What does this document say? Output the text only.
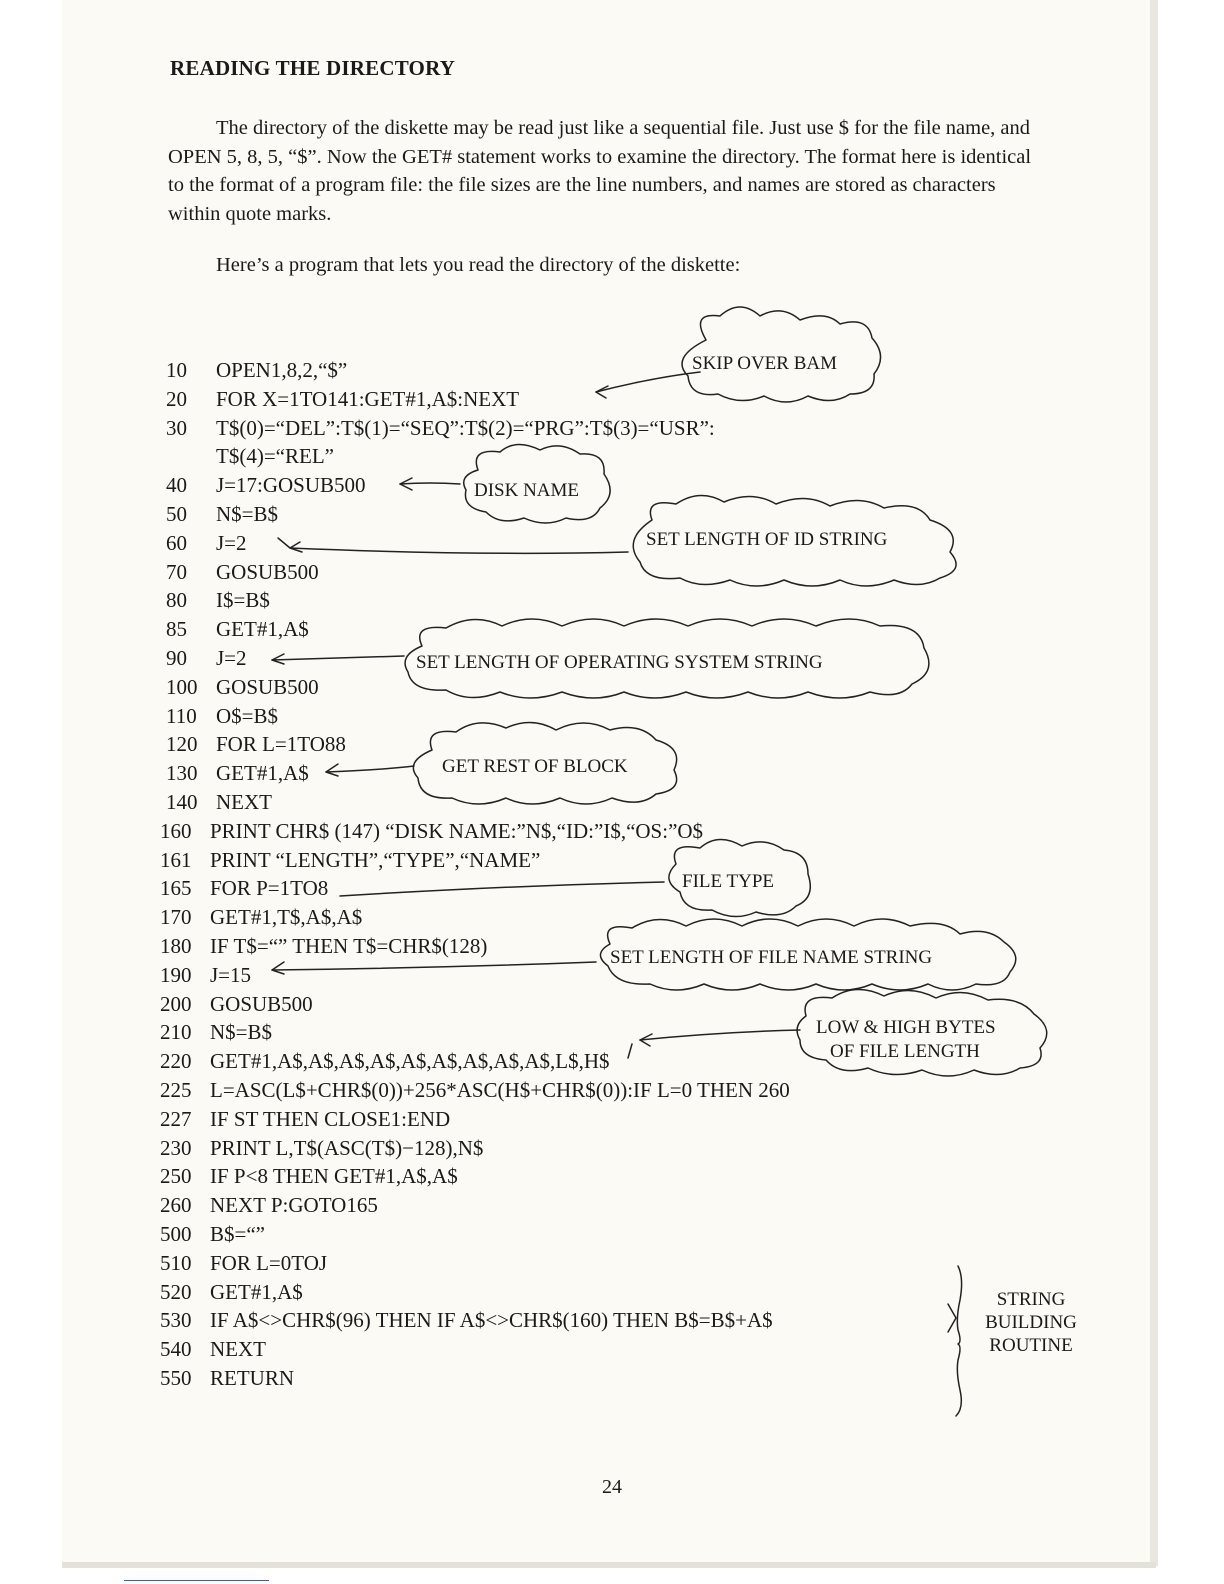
READING THE DIRECTORY

The directory of the diskette may be read just like a sequential file. Just use $ for the file name, and OPEN 5, 8, 5, “$”. Now the GET# statement works to examine the directory. The format here is identical to the format of a program file: the file sizes are the line numbers, and names are stored as characters within quote marks.

Here’s a program that lets you read the directory of the diskette:
10 OPEN1,8,2,“$”
20 FOR X=1TO141:GET#1,A$:NEXT
30 T$(0)=“DEL”:T$(1)=“SEQ”:T$(2)=“PRG”:T$(3)=“USR”:
T$(4)=“REL”
40 J=17:GOSUB500
50 N$=B$
60 J=2
70 GOSUB500
80 I$=B$
85 GET#1,A$
90 J=2
100 GOSUB500
110 O$=B$
120 FOR L=1TO88
130 GET#1,A$
140 NEXT
160 PRINT CHR$ (147) “DISK NAME:”N$,“ID:”I$,“OS:”O$
161 PRINT “LENGTH”,“TYPE”,“NAME”
165 FOR P=1TO8
170 GET#1,T$,A$,A$
180 IF T$=“” THEN T$=CHR$(128)
190 J=15
200 GOSUB500
210 N$=B$
220 GET#1,A$,A$,A$,A$,A$,A$,A$,A$,A$,L$,H$
225 L=ASC(L$+CHR$(0))+256*ASC(H$+CHR$(0)):IF L=0 THEN 260
227 IF ST THEN CLOSE1:END
230 PRINT L,T$(ASC(T$)−128),N$
250 IF P<8 THEN GET#1,A$,A$
260 NEXT P:GOTO165
500 B$=“”
510 FOR L=0TOJ
520 GET#1,A$
530 IF A$<>CHR$(96) THEN IF A$<>CHR$(160) THEN B$=B$+A$
540 NEXT
550 RETURN
SKIP OVER BAM
DISK NAME
SET LENGTH OF ID STRING
SET LENGTH OF OPERATING SYSTEM STRING
GET REST OF BLOCK
FILE TYPE
SET LENGTH OF FILE NAME STRING
LOW & HIGH BYTES
OF FILE LENGTH
STRING
BUILDING
ROUTINE
24
